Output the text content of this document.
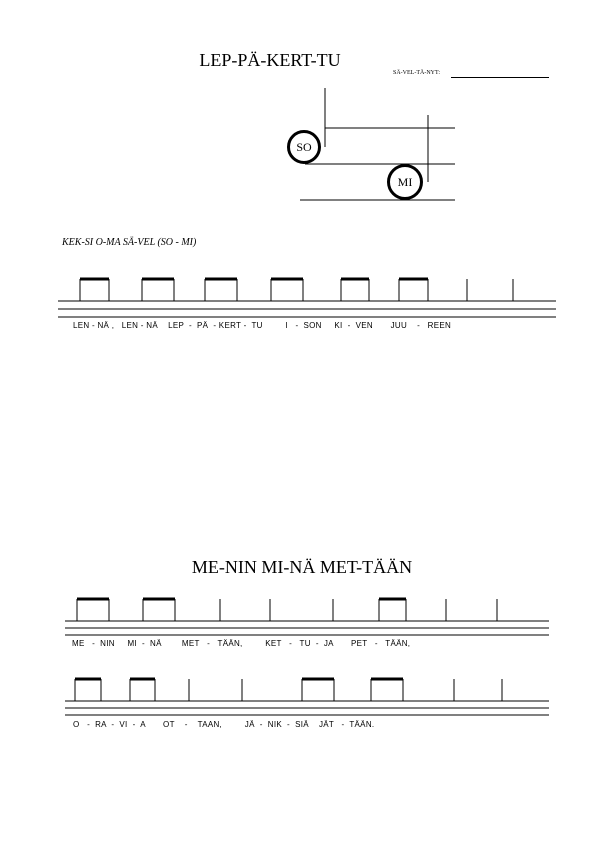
LEP-PÄ-KERT-TU
SÄ-VEL-TÄ-NYT:
SO
MI
KEK-SI O-MA SÄ-VEL (SO - MI)
LEN - NÄ ,   LEN - NÄ    LEP  -  PÄ  - KERT -  TU         I   -  SON     KI  -  VEN       JUU    -   REEN
ME-NIN MI-NÄ MET-TÄÄN
ME   -  NIN     MI  -  NÄ        MET   -   TÄÄN,         KET   -   TU  -  JA       PET   -   TÄÄN,
O   -  RA  -  VI  -  A       OT    -    TAAN,         JÄ  -  NIK  -  SIÄ    JÄT   -  TÄÄN.
